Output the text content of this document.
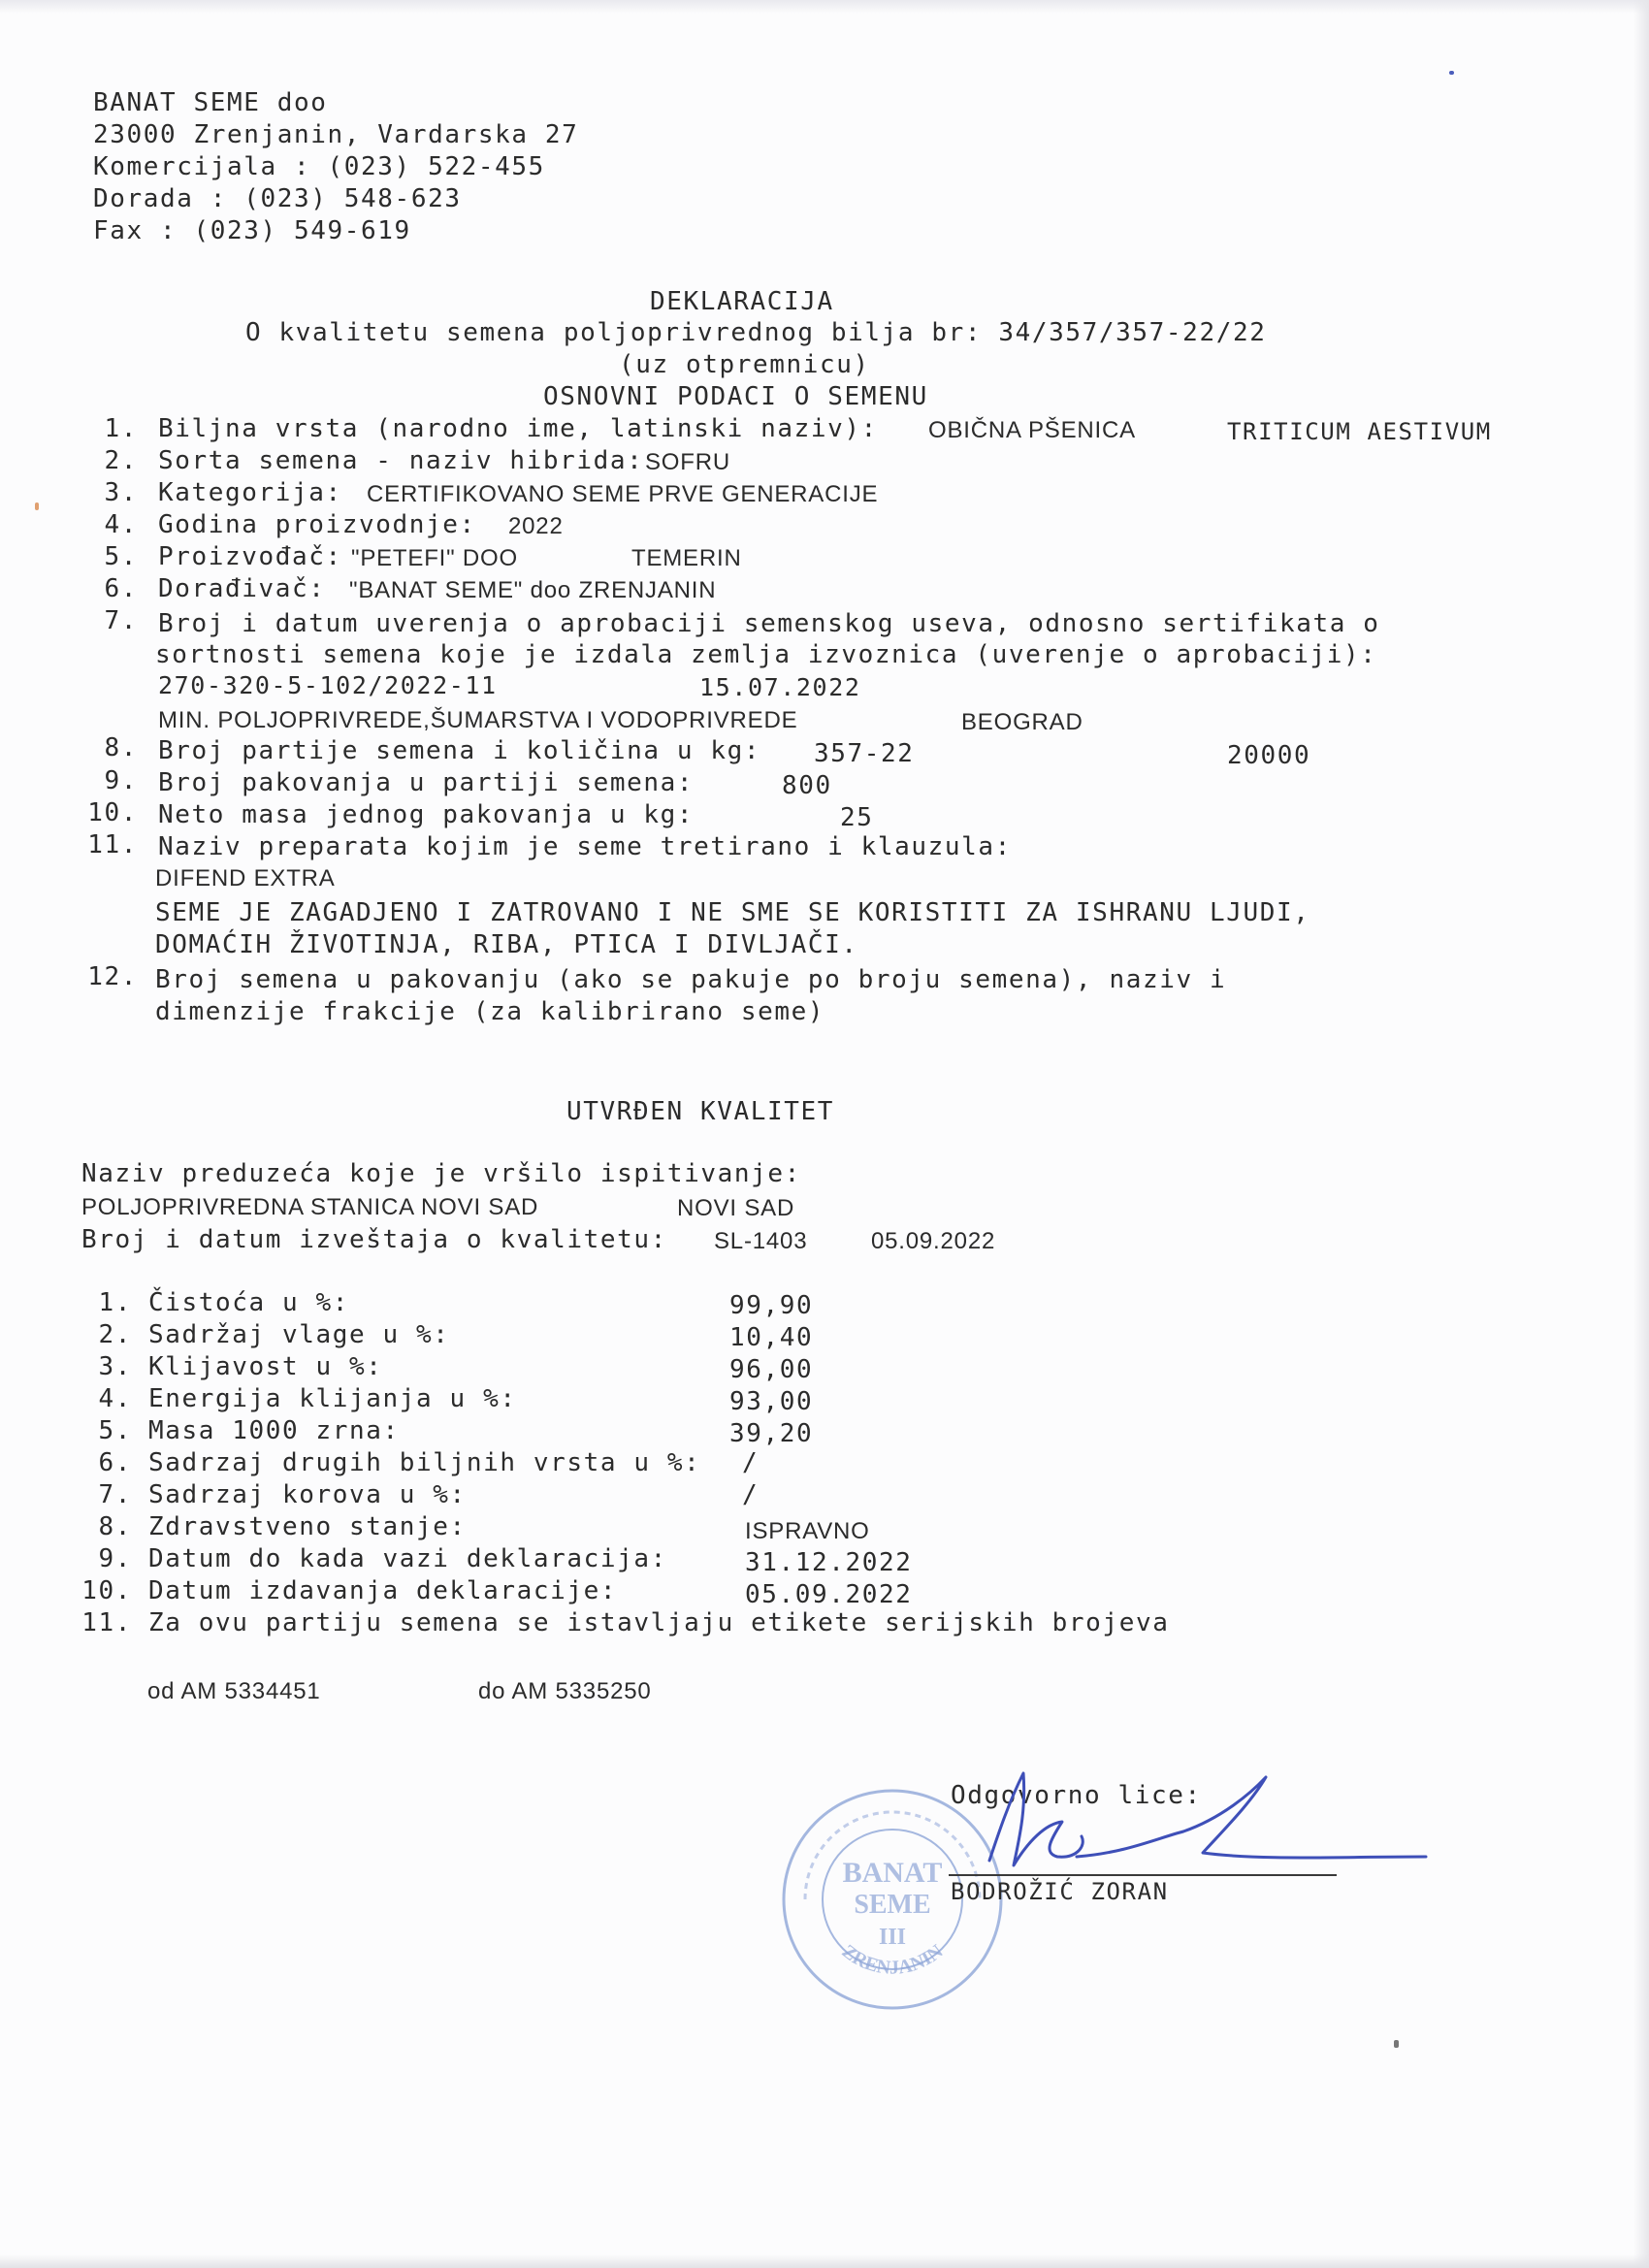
BANAT SEME doo
23000 Zrenjanin, Vardarska 27
Komercijala : (023) 522-455
Dorada : (023) 548-623
Fax : (023) 549-619
DEKLARACIJA
O kvalitetu semena poljoprivrednog bilja br: 34/357/357-22/22
(uz otpremnicu)
OSNOVNI PODACI O SEMENU
1. Biljna vrsta (narodno ime, latinski naziv): OBIČNA PŠENICA	TRITICUM AESTIVUM
2. Sorta semena - naziv hibrida: SOFRU
3. Kategorija: CERTIFIKOVANO SEME PRVE GENERACIJE
4. Godina proizvodnje: 2022
5. Proizvođač: "PETEFI" DOO	TEMERIN
6. Dorađivač: "BANAT SEME" doo ZRENJANIN
7. Broj i datum uverenja o aprobaciji semenskog useva, odnosno sertifikata o
sortnosti semena koje je izdala zemlja izvoznica (uverenje o aprobaciji):
270-320-5-102/2022-11	15.07.2022
MIN. POLJOPRIVREDE,ŠUMARSTVA I VODOPRIVREDE	BEOGRAD
8. Broj partije semena i količina u kg: 357-22	20000
9. Broj pakovanja u partiji semena:	800
10. Neto masa jednog pakovanja u kg:	25
11. Naziv preparata kojim je seme tretirano i klauzula:
DIFEND EXTRA
SEME JE ZAGADJENO I ZATROVANO I NE SME SE KORISTITI ZA ISHRANU LJUDI,
DOMAĆIH ŽIVOTINJA, RIBA, PTICA I DIVLJAČI.
12. Broj semena u pakovanju (ako se pakuje po broju semena), naziv i
dimenzije frakcije (za kalibrirano seme)
UTVRĐEN KVALITET
Naziv preduzeća koje je vršilo ispitivanje:
POLJOPRIVREDNA STANICA NOVI SAD	NOVI SAD
Broj i datum izveštaja o kvalitetu: SL-1403	05.09.2022
1. Čistoća u %:	99,90
2. Sadržaj vlage u %:	10,40
3. Klijavost u %:	96,00
4. Energija klijanja u %:	93,00
5. Masa 1000 zrna:	39,20
6. Sadrzaj drugih biljnih vrsta u %: /
7. Sadrzaj korova u %:	/
8. Zdravstveno stanje:	ISPRAVNO
9. Datum do kada vazi deklaracija:	31.12.2022
10. Datum izdavanja deklaracije:	05.09.2022
11. Za ovu partiju semena se istavljaju etikete serijskih brojeva
od AM 5334451	do AM 5335250
BANAT
SEME
III
ZRENJANIN
Odgovorno lice:
BODROŽIĆ ZORAN
